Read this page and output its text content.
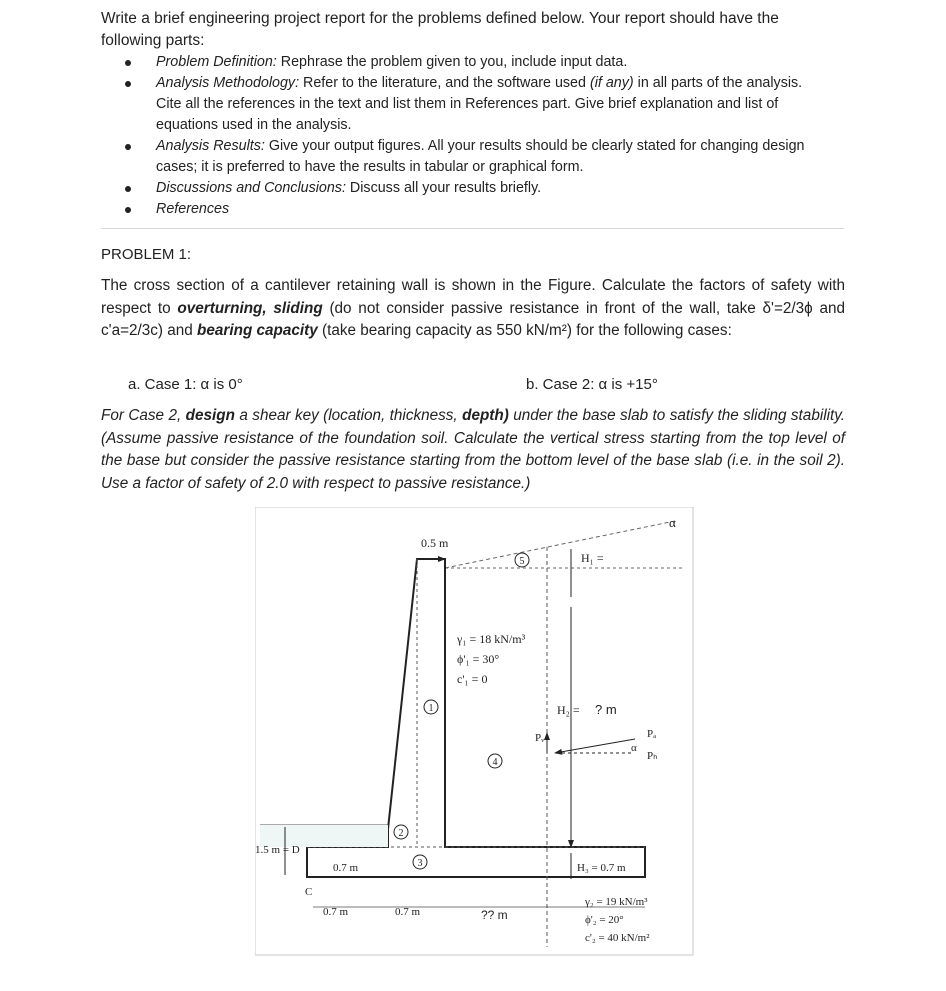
Write a brief engineering project report for the problems defined below. Your report should have the following parts:
Problem Definition: Rephrase the problem given to you, include input data.
Analysis Methodology: Refer to the literature, and the software used (if any) in all parts of the analysis. Cite all the references in the text and list them in References part. Give brief explanation and list of equations used in the analysis.
Analysis Results: Give your output figures. All your results should be clearly stated for changing design cases; it is preferred to have the results in tabular or graphical form.
Discussions and Conclusions: Discuss all your results briefly.
References
PROBLEM 1:
The cross section of a cantilever retaining wall is shown in the Figure. Calculate the factors of safety with respect to overturning, sliding (do not consider passive resistance in front of the wall, take δ'=2/3ϕ and c'a=2/3c) and bearing capacity (take bearing capacity as 550 kN/m²) for the following cases:
a. Case 1: α is 0°	b. Case 2: α is +15°
For Case 2, design a shear key (location, thickness, depth) under the base slab to satisfy the sliding stability. (Assume passive resistance of the foundation soil. Calculate the vertical stress starting from the top level of the base but consider the passive resistance starting from the bottom level of the base slab (i.e. in the soil 2). Use a factor of safety of 2.0 with respect to passive resistance.)
0.5 m
5
1
4
2
3
γ₁ = 18 kN/m³
ϕ'₁ = 30°
c'₁ = 0
H₁ =
H₂ = ? m
Pᵥ	Pₐ
Pₕ
α
α
1.5 m = D
0.7 m	H₃ = 0.7 m
C
0.7 m	0.7 m	?? m
γ₂ = 19 kN/m³
ϕ'₂ = 20°
c'₂ = 40 kN/m²
